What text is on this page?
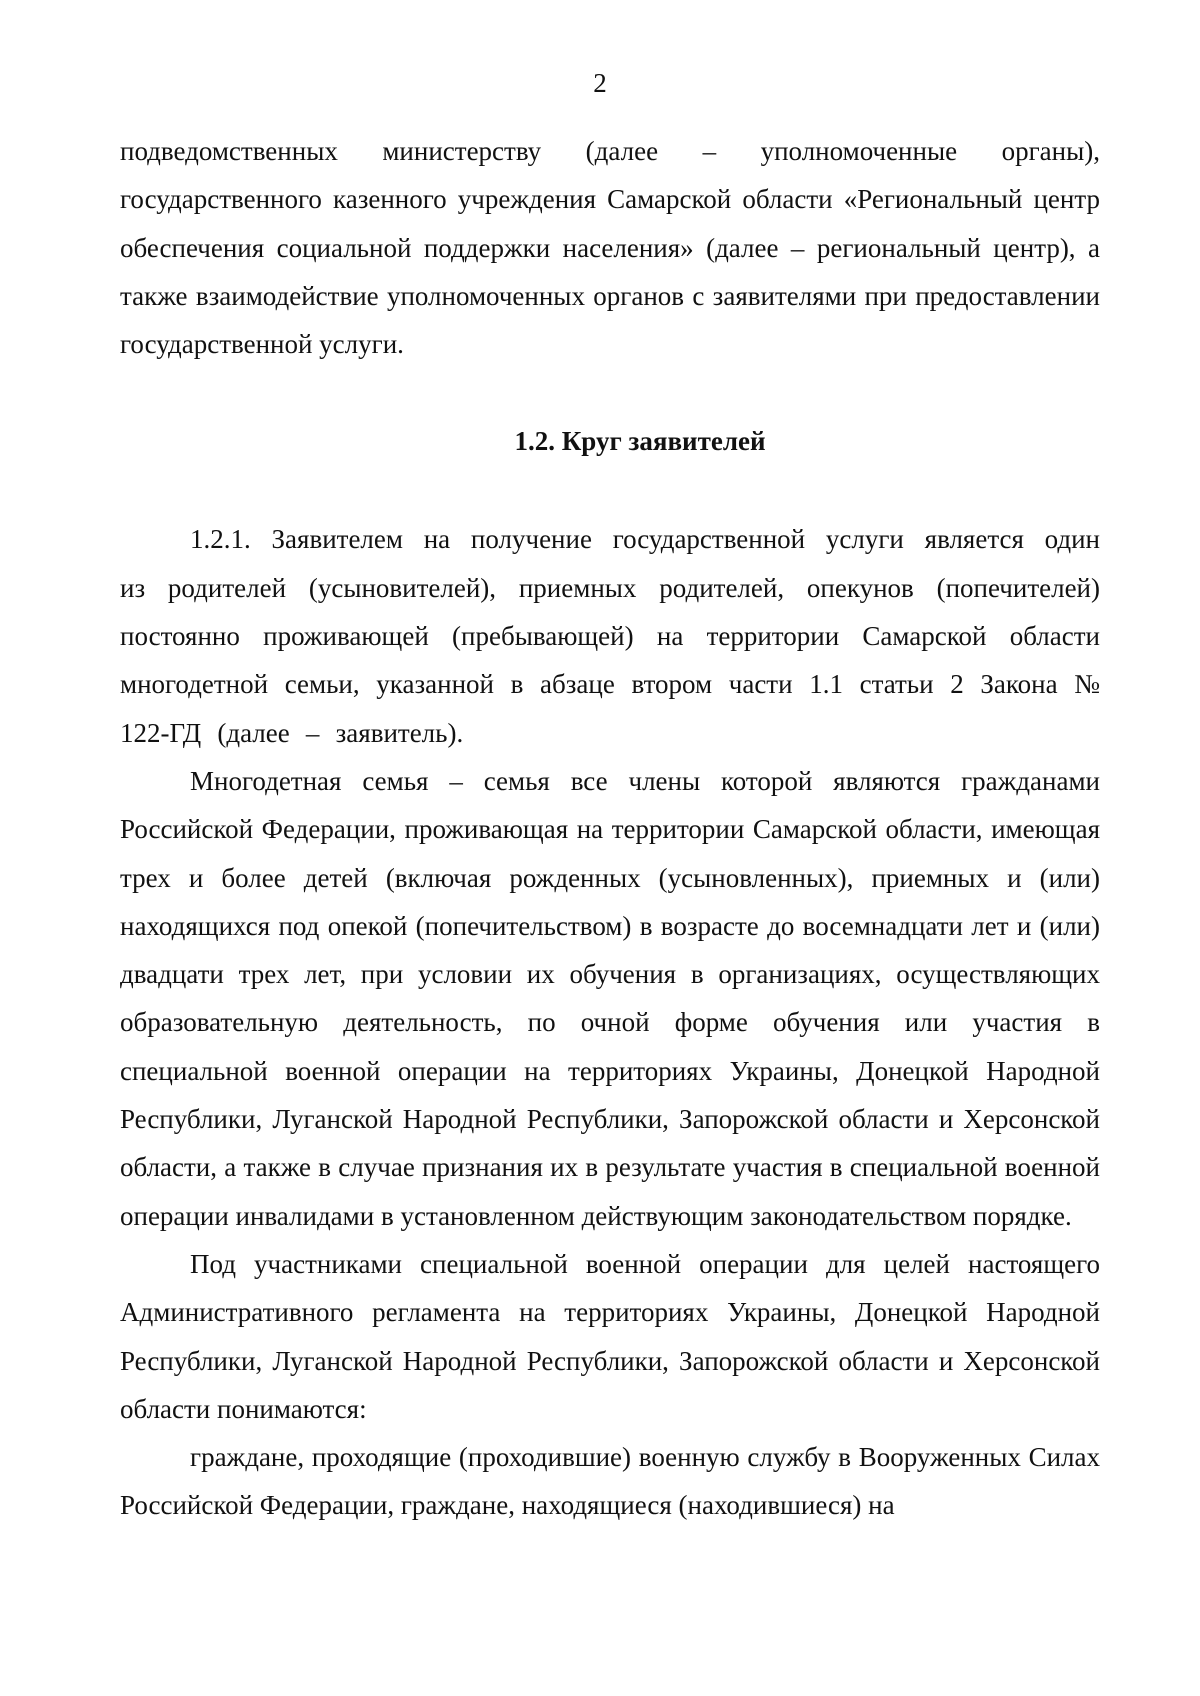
2

подведомственных министерству (далее – уполномоченные органы), государственного казенного учреждения Самарской области «Региональный центр обеспечения социальной поддержки населения» (далее – региональный центр), а также взаимодействие уполномоченных органов с заявителями при предоставлении государственной услуги.

1.2. Круг заявителей

1.2.1. Заявителем на получение государственной услуги является один из родителей (усыновителей), приемных родителей, опекунов (попечителей) постоянно проживающей (пребывающей) на территории Самарской области многодетной семьи, указанной в абзаце втором части 1.1 статьи 2 Закона № 122-ГД (далее – заявитель).

Многодетная семья – семья все члены которой являются гражданами Российской Федерации, проживающая на территории Самарской области, имеющая трех и более детей (включая рожденных (усыновленных), приемных и (или) находящихся под опекой (попечительством) в возрасте до восемнадцати лет и (или) двадцати трех лет, при условии их обучения в организациях, осуществляющих образовательную деятельность, по очной форме обучения или участия в специальной военной операции на территориях Украины, Донецкой Народной Республики, Луганской Народной Республики, Запорожской области и Херсонской области, а также в случае признания их в результате участия в специальной военной операции инвалидами в установленном действующим законодательством порядке.

Под участниками специальной военной операции для целей настоящего Административного регламента на территориях Украины, Донецкой Народной Республики, Луганской Народной Республики, Запорожской области и Херсонской области понимаются:

граждане, проходящие (проходившие) военную службу в Вооруженных Силах Российской Федерации, граждане, находящиеся (находившиеся) на
